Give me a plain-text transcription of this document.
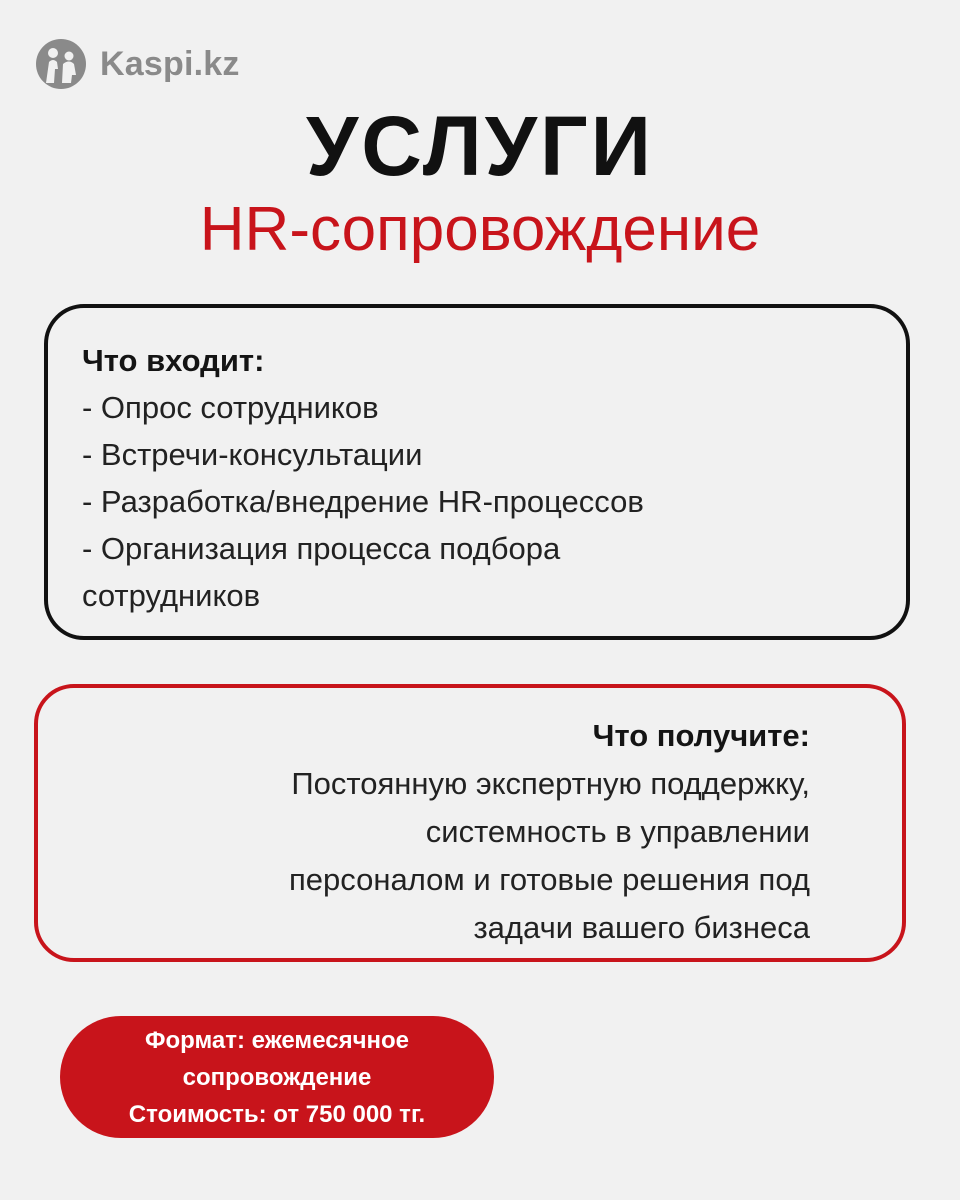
Kaspi.kz
УСЛУГИ
HR-сопровождение

Что входит:

- Опрос сотрудников
- Встречи-консультации
- Разработка/внедрение HR-процессов
- Организация процесса подбора
сотрудников

Что получите:

Постоянную экспертную поддержку,
системность в управлении
персоналом и готовые решения под
задачи вашего бизнеса
Формат: ежемесячное
сопровождение
Стоимость: от 750 000 тг.
